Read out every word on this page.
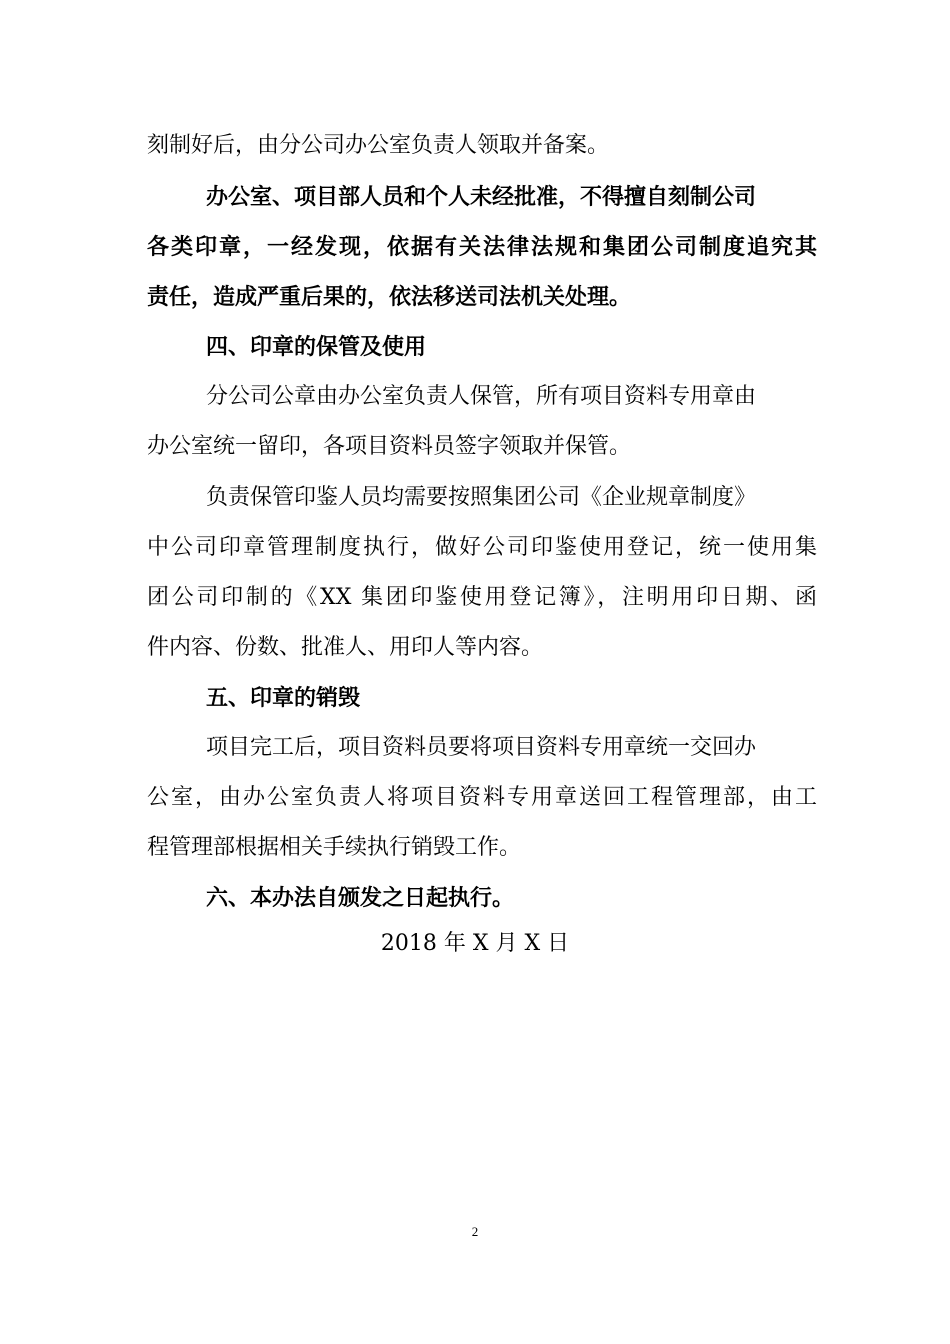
刻制好后，由分公司办公室负责人领取并备案。
办公室、项目部人员和个人未经批准，不得擅自刻制公司
各类印章，一经发现，依据有关法律法规和集团公司制度追究其
责任，造成严重后果的，依法移送司法机关处理。
四、印章的保管及使用
分公司公章由办公室负责人保管，所有项目资料专用章由
办公室统一留印，各项目资料员签字领取并保管。
负责保管印鉴人员均需要按照集团公司《企业规章制度》
中公司印章管理制度执行，做好公司印鉴使用登记，统一使用集
团公司印制的《XX 集团印鉴使用登记簿》，注明用印日期、函
件内容、份数、批准人、用印人等内容。
五、印章的销毁
项目完工后，项目资料员要将项目资料专用章统一交回办
公室，由办公室负责人将项目资料专用章送回工程管理部，由工
程管理部根据相关手续执行销毁工作。
六、本办法自颁发之日起执行。
2018 年 X 月 X 日
2
